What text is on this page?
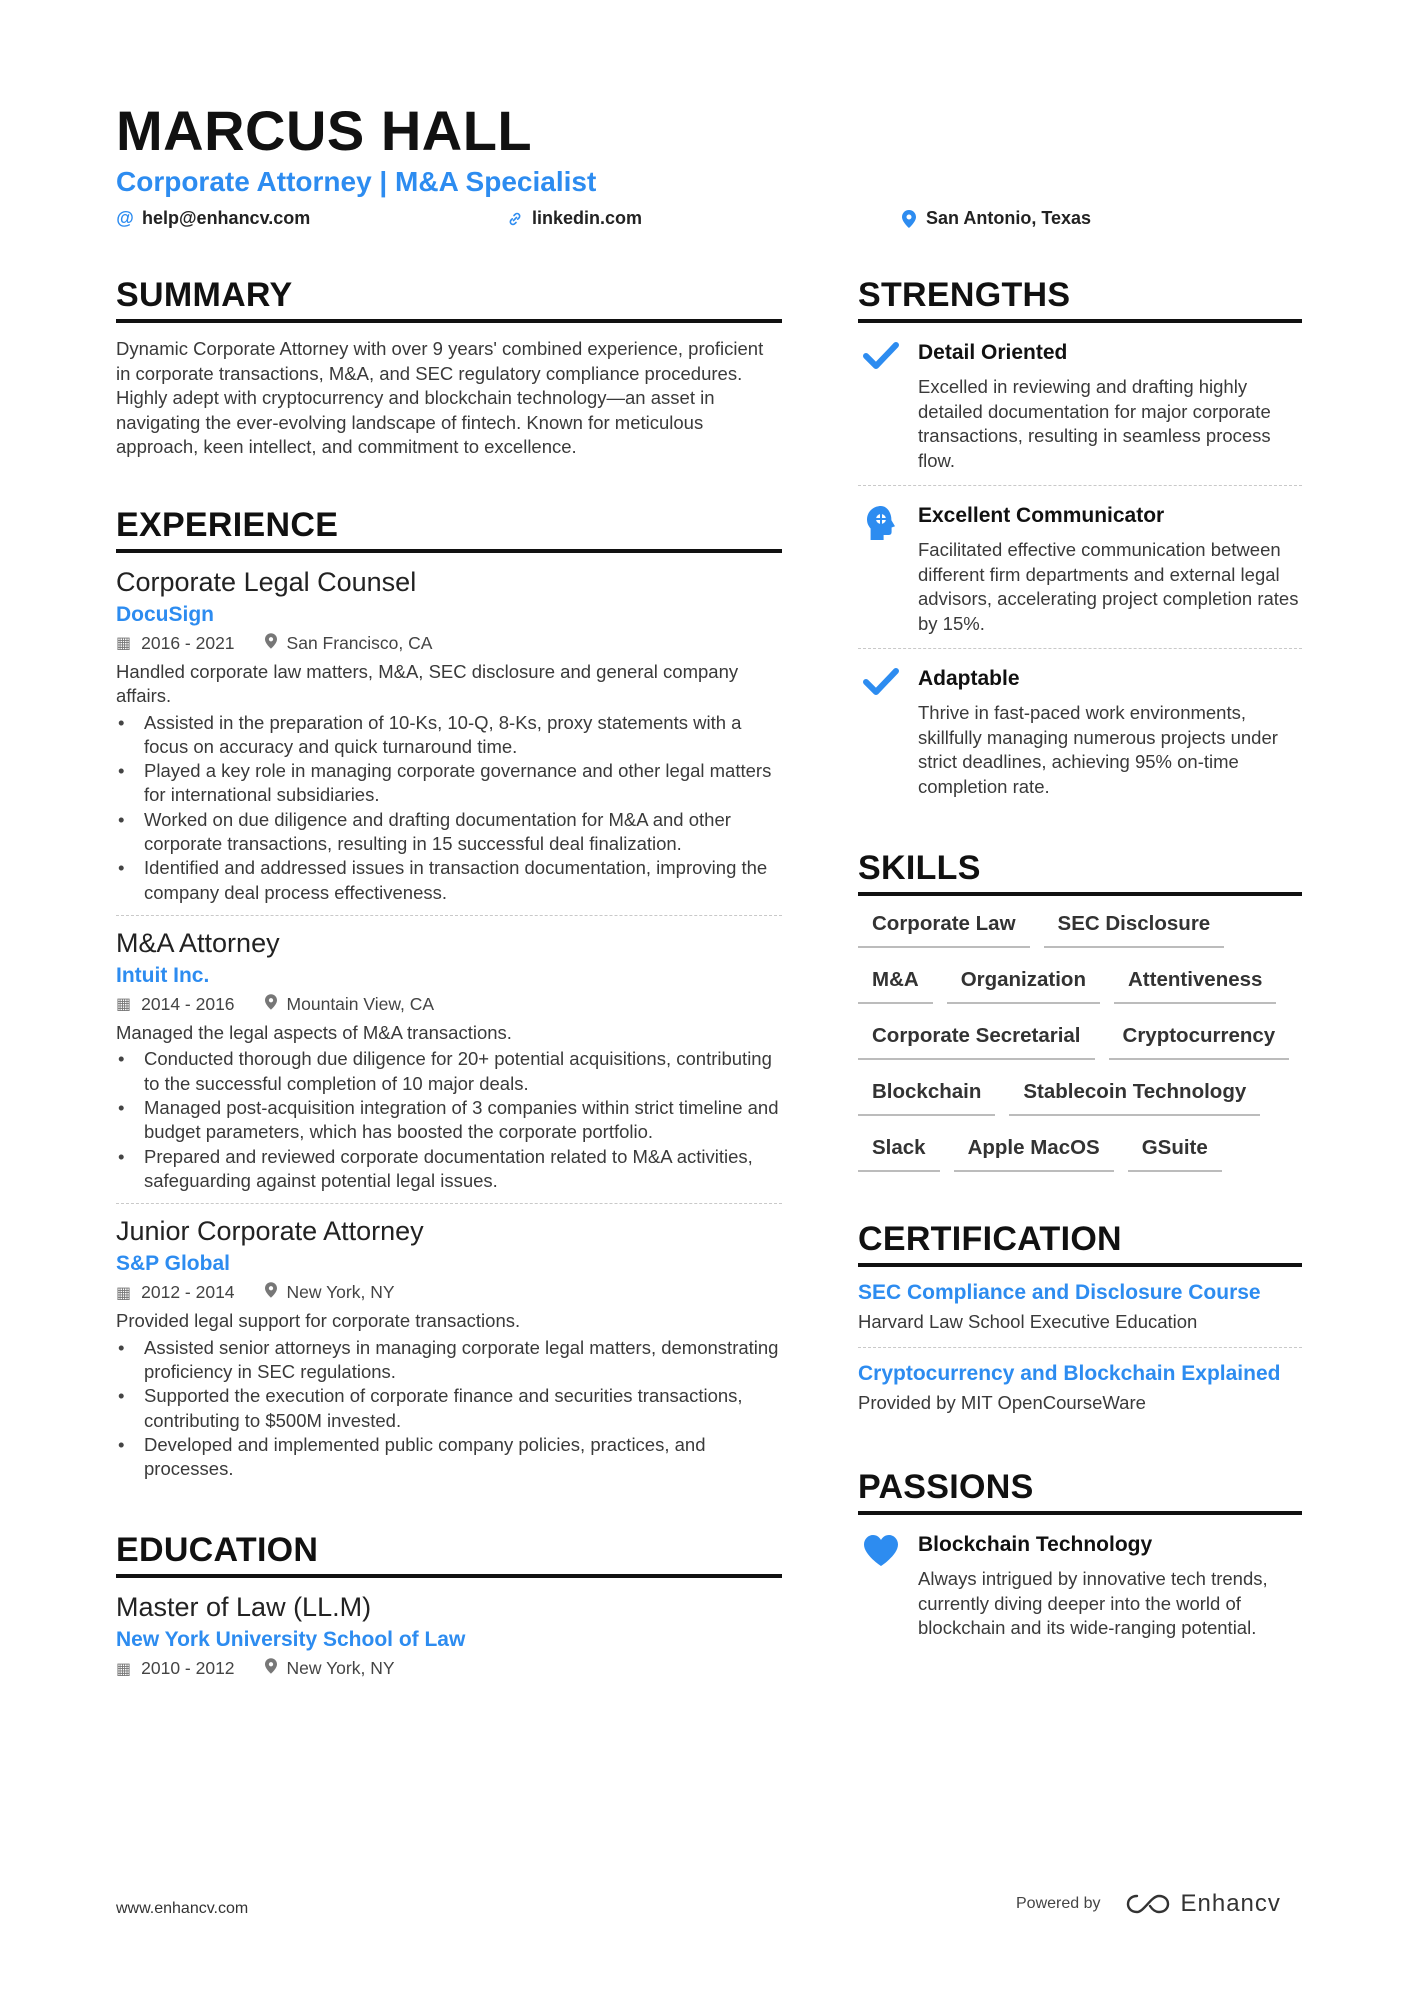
MARCUS HALL
Corporate Attorney | M&A Specialist
@ help@enhancv.com	linkedin.com	San Antonio, Texas
SUMMARY
Dynamic Corporate Attorney with over 9 years' combined experience, proficient in corporate transactions, M&A, and SEC regulatory compliance procedures. Highly adept with cryptocurrency and blockchain technology—an asset in navigating the ever-evolving landscape of fintech. Known for meticulous approach, keen intellect, and commitment to excellence.
EXPERIENCE
Corporate Legal Counsel
DocuSign
▦ 2016 - 2021	San Francisco, CA
Handled corporate law matters, M&A, SEC disclosure and general company affairs.
• Assisted in the preparation of 10-Ks, 10-Q, 8-Ks, proxy statements with a focus on accuracy and quick turnaround time.
• Played a key role in managing corporate governance and other legal matters for international subsidiaries.
• Worked on due diligence and drafting documentation for M&A and other corporate transactions, resulting in 15 successful deal finalization.
• Identified and addressed issues in transaction documentation, improving the company deal process effectiveness.
M&A Attorney
Intuit Inc.
▦ 2014 - 2016	Mountain View, CA
Managed the legal aspects of M&A transactions.
• Conducted thorough due diligence for 20+ potential acquisitions, contributing to the successful completion of 10 major deals.
• Managed post-acquisition integration of 3 companies within strict timeline and budget parameters, which has boosted the corporate portfolio.
• Prepared and reviewed corporate documentation related to M&A activities, safeguarding against potential legal issues.
Junior Corporate Attorney
S&P Global
▦ 2012 - 2014	New York, NY
Provided legal support for corporate transactions.
• Assisted senior attorneys in managing corporate legal matters, demonstrating proficiency in SEC regulations.
• Supported the execution of corporate finance and securities transactions, contributing to $500M invested.
• Developed and implemented public company policies, practices, and processes.
EDUCATION
Master of Law (LL.M)
New York University School of Law
▦ 2010 - 2012	New York, NY
STRENGTHS
Detail Oriented
Excelled in reviewing and drafting highly detailed documentation for major corporate transactions, resulting in seamless process flow.
Excellent Communicator
Facilitated effective communication between different firm departments and external legal advisors, accelerating project completion rates by 15%.
Adaptable
Thrive in fast-paced work environments, skillfully managing numerous projects under strict deadlines, achieving 95% on-time completion rate.
SKILLS
Corporate Law	SEC Disclosure
M&A	Organization	Attentiveness
Corporate Secretarial	Cryptocurrency
Blockchain	Stablecoin Technology
Slack	Apple MacOS	GSuite
CERTIFICATION
SEC Compliance and Disclosure Course
Harvard Law School Executive Education
Cryptocurrency and Blockchain Explained
Provided by MIT OpenCourseWare
PASSIONS
Blockchain Technology
Always intrigued by innovative tech trends, currently diving deeper into the world of blockchain and its wide-ranging potential.
www.enhancv.com	Powered by	Enhancv
